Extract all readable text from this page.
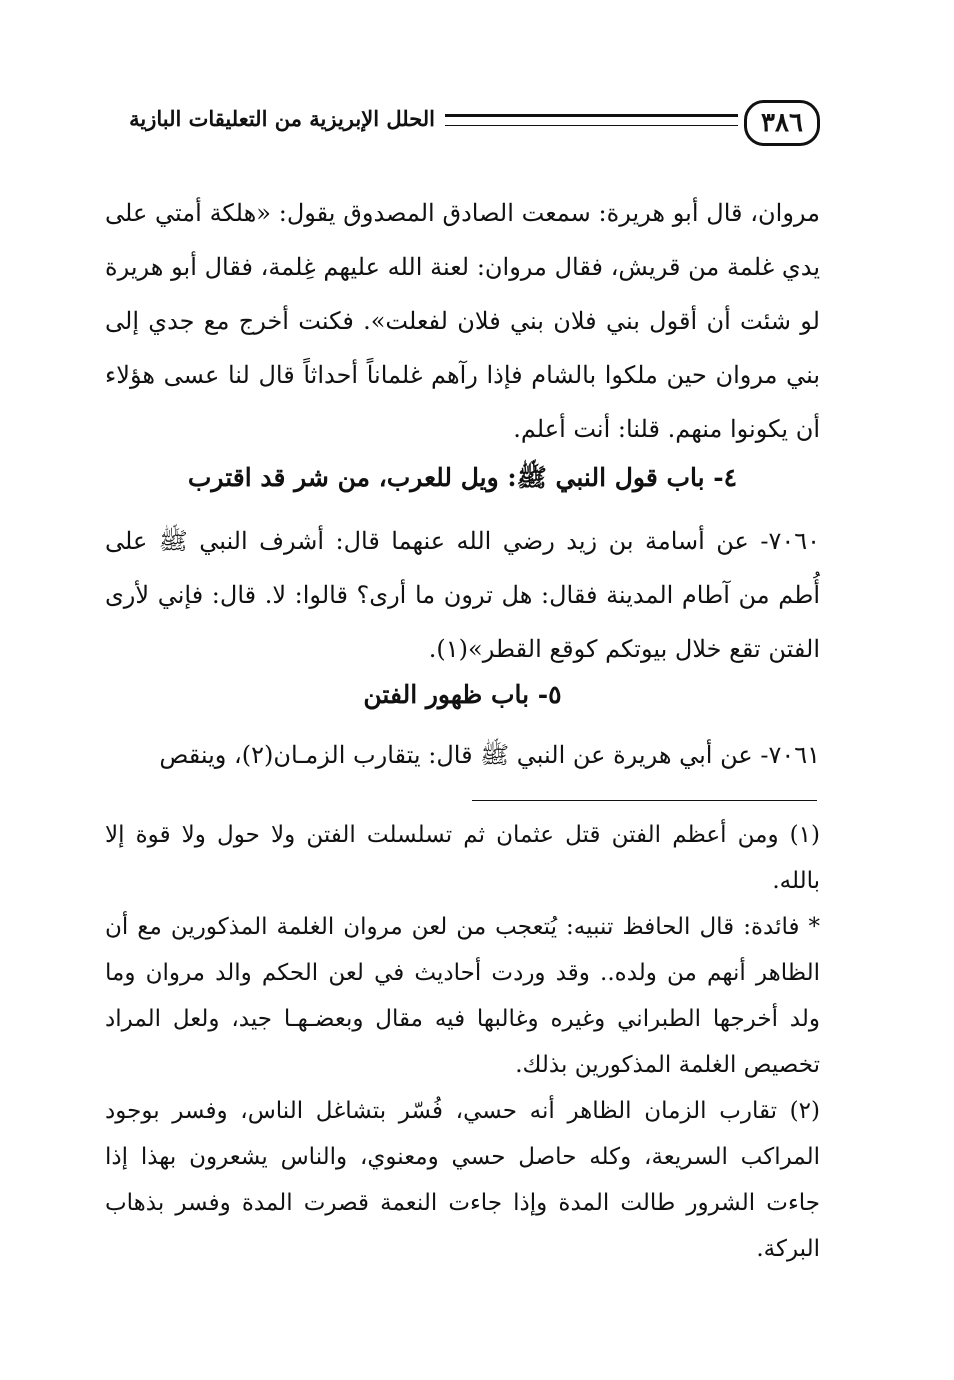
٣٨٦
الحلل الإبريزية من التعليقات البازية

مروان، قال أبو هريرة: سمعت الصادق المصدوق يقول: «هلكة أمتي على يدي غلمة من قريش، فقال مروان: لعنة الله عليهم غِلمة، فقال أبو هريرة لو شئت أن أقول بني فلان بني فلان لفعلت». فكنت أخرج مع جدي إلى بني مروان حين ملكوا بالشام فإذا رآهم غلماناً أحداثاً قال لنا عسى هؤلاء أن يكونوا منهم. قلنا: أنت أعلم.

٤- باب قول النبي ﷺ: ويل للعرب، من شر قد اقترب

٧٠٦٠- عن أسامة بن زيد رضي الله عنهما قال: أشرف النبي ﷺ على أُطم من آطام المدينة فقال: هل ترون ما أرى؟ قالوا: لا. قال: فإني لأرى الفتن تقع خلال بيوتكم كوقع القطر»(١).

٥- باب ظهور الفتن

٧٠٦١- عن أبي هريرة عن النبي ﷺ قال: يتقارب الزمـان(٢)، وينقص

(١) ومن أعظم الفتن قتل عثمان ثم تسلسلت الفتن ولا حول ولا قوة إلا بالله.

* فائدة: قال الحافظ تنبيه: يُتعجب من لعن مروان الغلمة المذكورين مع أن الظاهر أنهم من ولده.. وقد وردت أحاديث في لعن الحكم والد مروان وما ولد أخرجها الطبراني وغيره وغالبها فيه مقال وبعضـهـا جيد، ولعل المراد تخصيص الغلمة المذكورين بذلك.

(٢) تقارب الزمان الظاهر أنه حسي، فُسّر بتشاغل الناس، وفسر بوجود المراكب السريعة، وكله حاصل حسي ومعنوي، والناس يشعرون بهذا إذا جاءت الشرور طالت المدة وإذا جاءت النعمة قصرت المدة وفسر بذهاب البركة.
